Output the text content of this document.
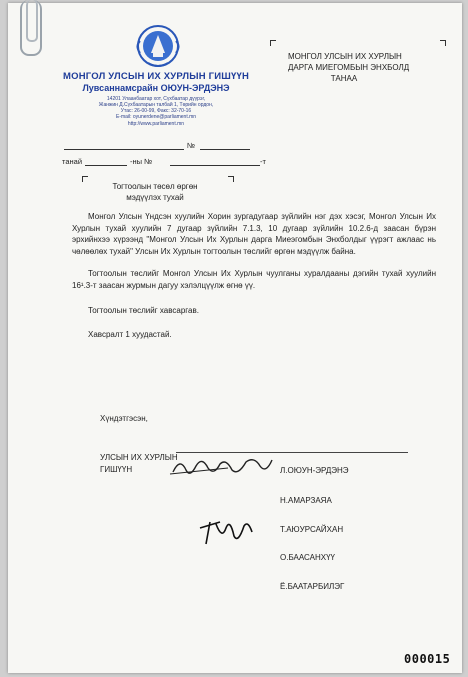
МОНГОЛ УЛСЫН ИХ ХУРЛЫН ГИШҮҮН
Лувсаннамсрайн ОЮУН-ЭРДЭНЭ
14201 Улаанбаатар хот, Сүхбаатар дүүрэг,
Жанжин Д.Сүхбаатарын талбай 1, Төрийн ордон,
Утас: 26-00-99, Факс: 32-70-16
E-mail: oyunerdene@parliament.mn
http://www.parliament.mn
МОНГОЛ УЛСЫН ИХ ХУРЛЫН
ДАРГА МИЕГОМБЫН ЭНХБОЛД
ТАНАА
№
танай	-ны №	-т
Тогтоолын төсөл өргөн
мэдүүлэх тухай
Монгол Улсын Үндсэн хуулийн Хорин зургадугаар зүйлийн нэг дэх хэсэг, Монгол Улсын Их Хурлын тухай хуулийн 7 дугаар зүйлийн 7.1.3, 10 дугаар зүйлийн 10.2.6-д заасан бүрэн эрхийнхээ хүрээнд "Монгол Улсын Их Хурлын дарга Миеэгомбын Энхболдыг үүрэгт ажлаас нь чөлөөлөх тухай" Улсын Их Хурлын тогтоолын төслийг өргөн мэдүүлж байна.
Тогтоолын төслийг Монгол Улсын Их Хурлын чуулганы хуралдааны дэгийн тухай хуулийн 16¹.3-т заасан журмын дагуу хэлэлцүүлж өгнө үү.
Тогтоолын төслийг хавсаргав.
Хавсралт 1 хуудастай.
Хүндэтгэсэн,
УЛСЫН ИХ ХУРЛЫН
ГИШҮҮН	Л.ОЮУН-ЭРДЭНЭ
Н.АМАРЗАЯА
Т.АЮУРСАЙХАН
О.БААСАНХҮҮ
Ё.БААТАРБИЛЭГ
000015
